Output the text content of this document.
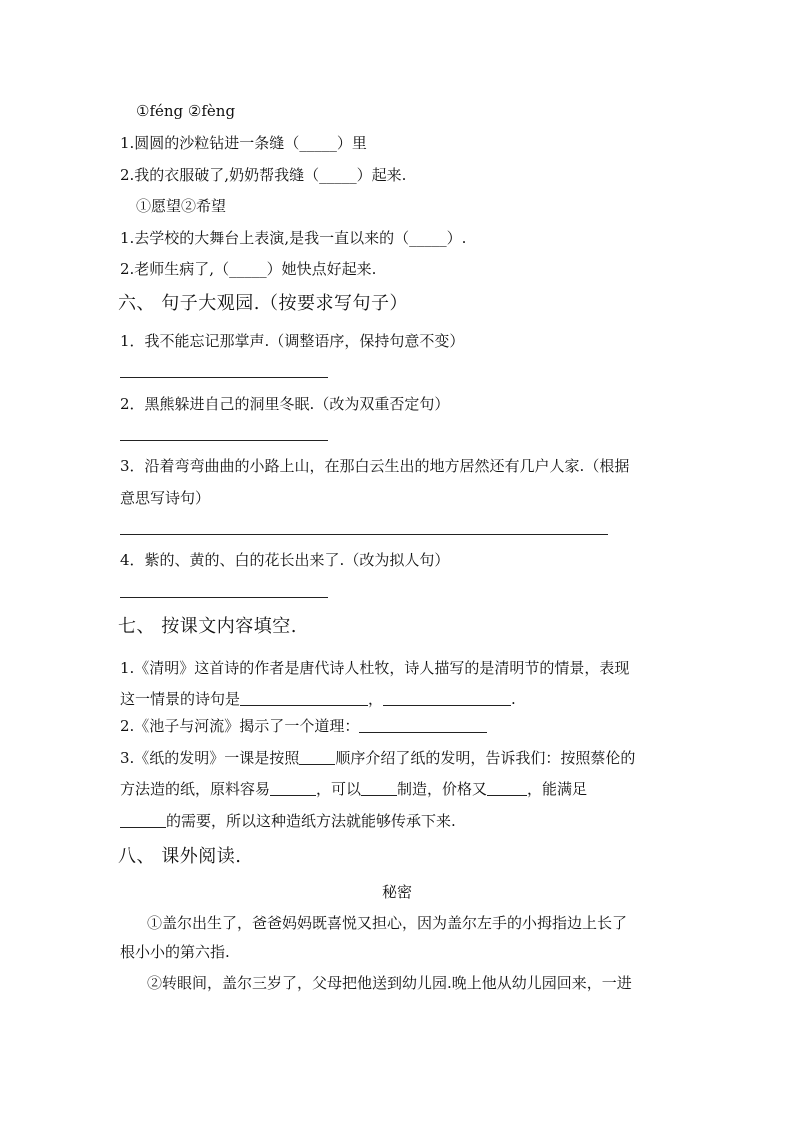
①féng ②fèng
1.圆圆的沙粒钻进一条缝（_____）里
2.我的衣服破了,奶奶帮我缝（_____）起来.
①愿望②希望
1.去学校的大舞台上表演,是我一直以来的（_____）.
2.老师生病了,（_____）她快点好起来.
六、 句子大观园.（按要求写句子）
1．我不能忘记那掌声.（调整语序，保持句意不变）
2．黑熊躲进自己的洞里冬眠.（改为双重否定句）
3．沿着弯弯曲曲的小路上山，在那白云生出的地方居然还有几户人家.（根据
意思写诗句）
4．紫的、黄的、白的花长出来了.（改为拟人句）
七、 按课文内容填空.
1.《清明》这首诗的作者是唐代诗人杜牧，诗人描写的是清明节的情景，表现
这一情景的诗句是	，	.
2.《池子与河流》揭示了一个道理：
3.《纸的发明》一课是按照 顺序介绍了纸的发明，告诉我们：按照蔡伦的
方法造的纸，原料容易	，可以 制造，价格又	，能满足
的需要，所以这种造纸方法就能够传承下来.
八、 课外阅读.
秘密
①盖尔出生了，爸爸妈妈既喜悦又担心，因为盖尔左手的小拇指边上长了
根小小的第六指.
②转眼间，盖尔三岁了，父母把他送到幼儿园.晚上他从幼儿园回来，一进
